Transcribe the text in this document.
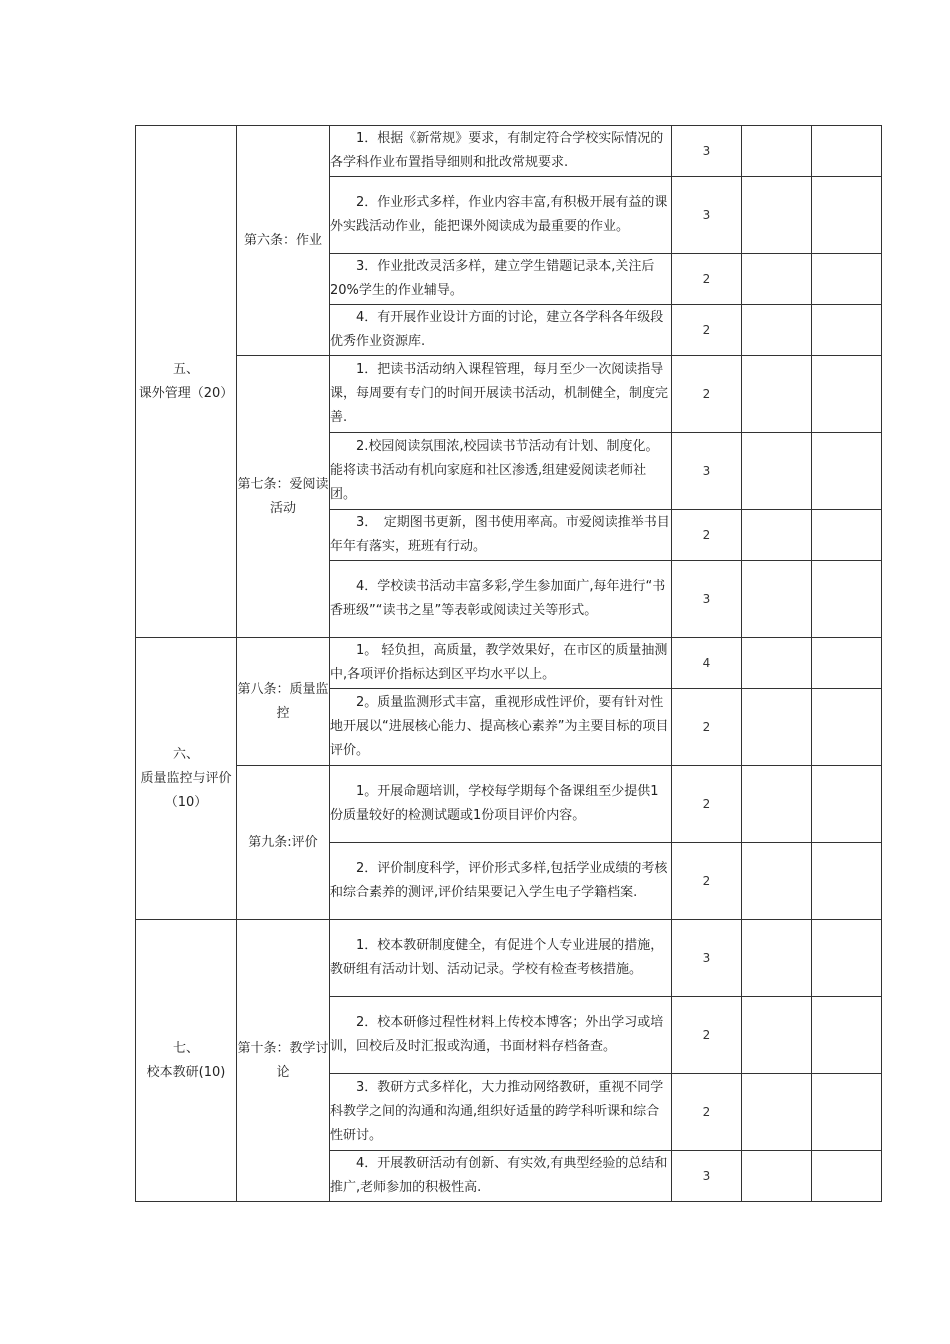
五、
课外管理（20）	第六条：作业	　　1．根据《新常规》要求，有制定符合学校实际情况的各学科作业布置指导细则和批改常规要求.	3		
		　　2．作业形式多样，作业内容丰富,有积极开展有益的课外实践活动作业，能把课外阅读成为最重要的作业。	3		
		　　3．作业批改灵活多样，建立学生错题记录本,关注后20%学生的作业辅导。	2		
		　　4．有开展作业设计方面的讨论，建立各学科各年级段优秀作业资源库.	2		
	第七条：爱阅读活动	　　1．把读书活动纳入课程管理，每月至少一次阅读指导课，每周要有专门的时间开展读书活动，机制健全，制度完善.	2		
		　　2.校园阅读氛围浓,校园读书节活动有计划、制度化。能将读书活动有机向家庭和社区渗透,组建爱阅读老师社团。	3		
		　　3．　定期图书更新，图书使用率高。市爱阅读推举书目年年有落实，班班有行动。	2		
		　　4．学校读书活动丰富多彩,学生参加面广,每年进行“书香班级”“读书之星”等表彰或阅读过关等形式。	3		
六、
质量监控与评价（10）	第八条：质量监控	　　1。 轻负担，高质量，教学效果好，在市区的质量抽测中,各项评价指标达到区平均水平以上。	4		
		　　2。质量监测形式丰富，重视形成性评价，要有针对性地开展以“进展核心能力、提高核心素养”为主要目标的项目评价。	2		
	第九条:评价	　　1。开展命题培训，学校每学期每个备课组至少提供1份质量较好的检测试题或1份项目评价内容。	2		
		　　2．评价制度科学，评价形式多样,包括学业成绩的考核和综合素养的测评,评价结果要记入学生电子学籍档案.	2		
七、
校本教研(10)	第十条：教学讨论	　　1．校本教研制度健全，有促进个人专业进展的措施，教研组有活动计划、活动记录。学校有检查考核措施。	3		
		　　2．校本研修过程性材料上传校本博客；外出学习或培训，回校后及时汇报或沟通，书面材料存档备查。	2		
		　　3．教研方式多样化，大力推动网络教研，重视不同学科教学之间的沟通和沟通,组织好适量的跨学科听课和综合性研讨。	2		
		　　4．开展教研活动有创新、有实效,有典型经验的总结和推广,老师参加的积极性高.	3		
